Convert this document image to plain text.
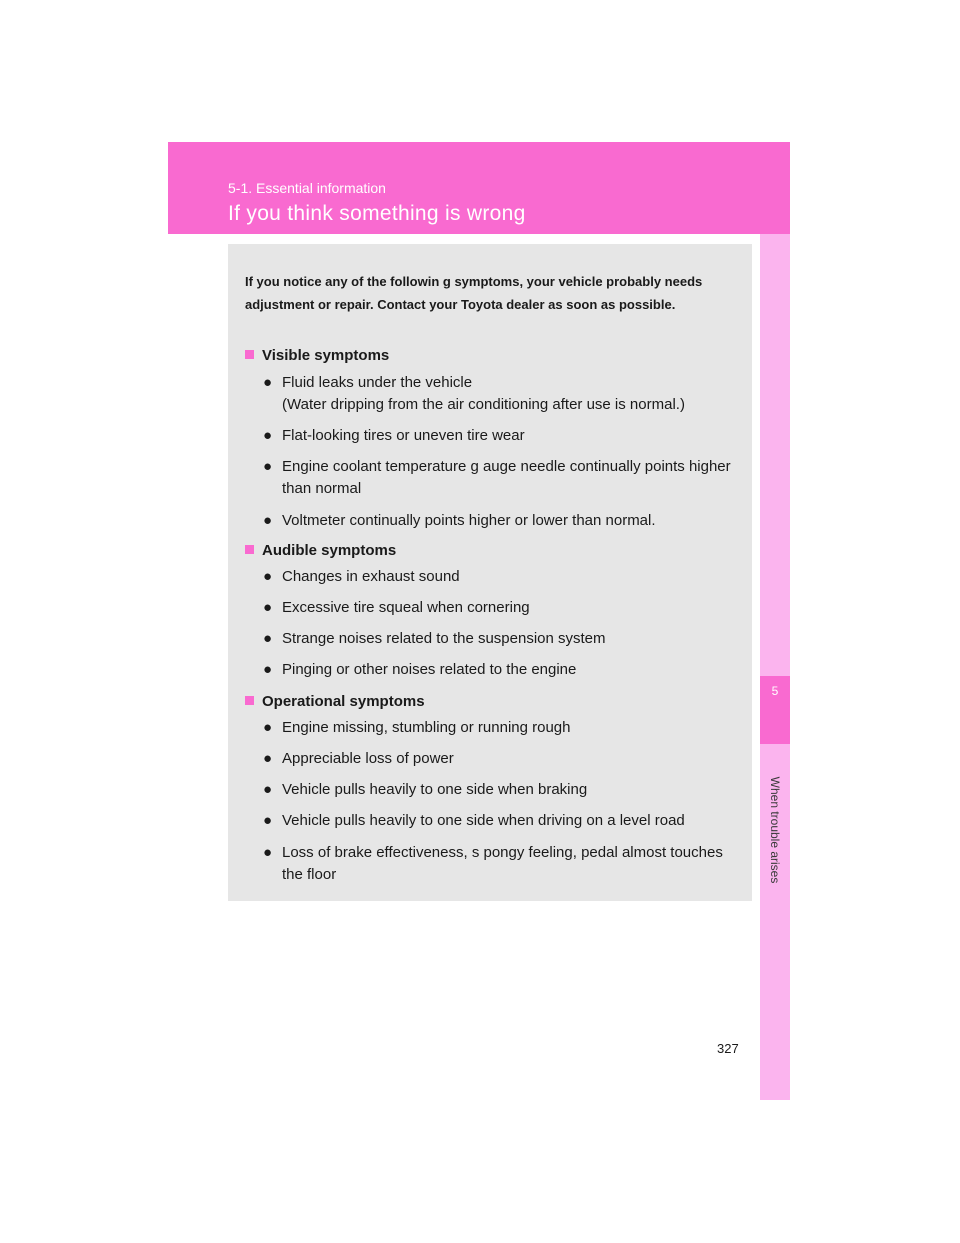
5-1. Essential information
If you think something is wrong
5
When trouble arises
If you notice any of the followin g symptoms, your vehicle probably needs adjustment or repair. Contact your Toyota dealer as soon as possible.
Visible symptoms
● Fluid leaks under the vehicle
(Water dripping from the air conditioning after use is normal.)
● Flat-looking tires or uneven tire wear
● Engine coolant temperature g auge needle continually points higher than normal
● Voltmeter continually points higher or lower than normal.
Audible symptoms
● Changes in exhaust sound
● Excessive tire squeal when cornering
● Strange noises related to the suspension system
● Pinging or other noises related to the engine
Operational symptoms
● Engine missing, stumbling or running rough
● Appreciable loss of power
● Vehicle pulls heavily to one side when braking
● Vehicle pulls heavily to one side when driving on a level road
● Loss of brake effectiveness, s pongy feeling, pedal almost touches the floor
327
